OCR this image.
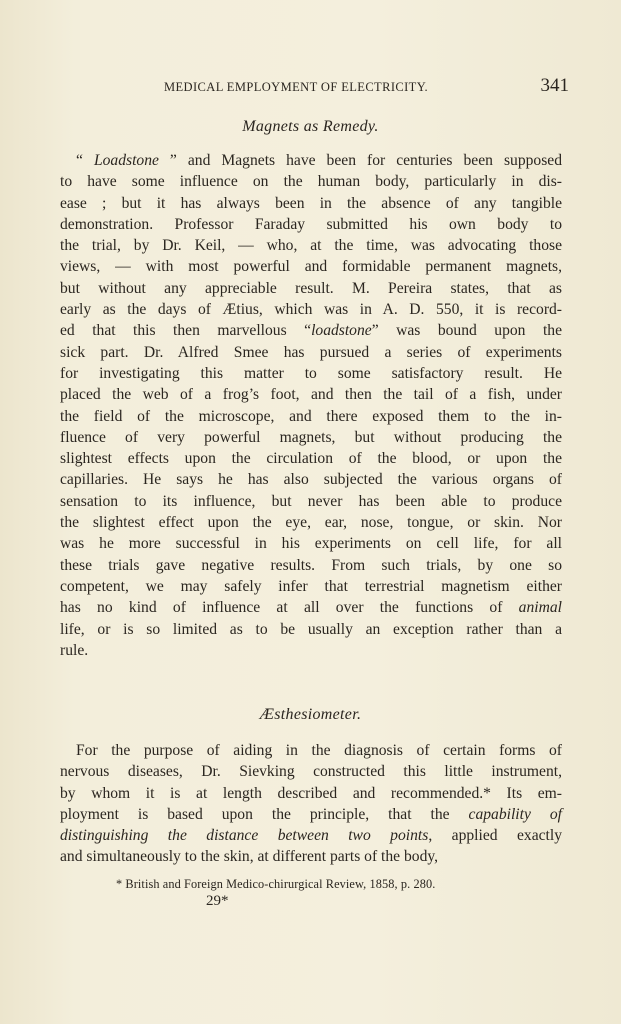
MEDICAL EMPLOYMENT OF ELECTRICITY.	341
Magnets as Remedy.

“ Loadstone ” and Magnets have been for centuries been supposed
to have some influence on the human body, particularly in dis-
ease ; but it has always been in the absence of any tangible
demonstration. Professor Faraday submitted his own body to
the trial, by Dr. Keil, — who, at the time, was advocating those
views, — with most powerful and formidable permanent magnets,
but without any appreciable result. M. Pereira states, that as
early as the days of Ætius, which was in A. D. 550, it is record-
ed that this then marvellous “loadstone” was bound upon the
sick part. Dr. Alfred Smee has pursued a series of experiments
for investigating this matter to some satisfactory result. He
placed the web of a frog’s foot, and then the tail of a fish, under
the field of the microscope, and there exposed them to the in-
fluence of very powerful magnets, but without producing the
slightest effects upon the circulation of the blood, or upon the
capillaries. He says he has also subjected the various organs of
sensation to its influence, but never has been able to produce
the slightest effect upon the eye, ear, nose, tongue, or skin. Nor
was he more successful in his experiments on cell life, for all
these trials gave negative results. From such trials, by one so
competent, we may safely infer that terrestrial magnetism either
has no kind of influence at all over the functions of animal
life, or is so limited as to be usually an exception rather than a
rule.

Æsthesiometer.

For the purpose of aiding in the diagnosis of certain forms of
nervous diseases, Dr. Sievking constructed this little instrument,
by whom it is at length described and recommended.* Its em-
ployment is based upon the principle, that the capability of
distinguishing the distance between two points, applied exactly
and simultaneously to the skin, at different parts of the body,

* British and Foreign Medico-chirurgical Review, 1858, p. 280.
29*
